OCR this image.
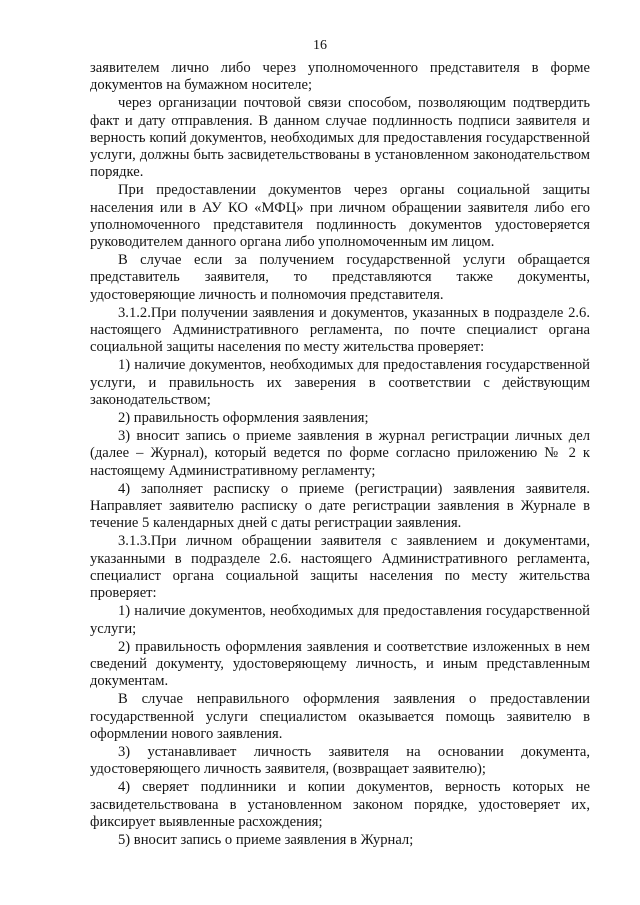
16

заявителем лично либо через уполномоченного представителя в форме документов на бумажном носителе;

через организации почтовой связи способом, позволяющим подтвердить факт и дату отправления. В данном случае подлинность подписи заявителя и верность копий документов, необходимых для предоставления государственной услуги, должны быть засвидетельствованы в установленном законодательством порядке.

При предоставлении документов через органы социальной защиты населения или в АУ КО «МФЦ» при личном обращении заявителя либо его уполномоченного представителя подлинность документов удостоверяется руководителем данного органа либо уполномоченным им лицом.

В случае если за получением государственной услуги обращается представитель заявителя, то представляются также документы, удостоверяющие личность и полномочия представителя.

3.1.2.При получении заявления и документов, указанных в подразделе 2.6. настоящего Административного регламента, по почте специалист органа социальной защиты населения по месту жительства проверяет:

1) наличие документов, необходимых для предоставления государственной услуги, и правильность их заверения в соответствии с действующим законодательством;

2) правильность оформления заявления;

3) вносит запись о приеме заявления в журнал регистрации личных дел (далее – Журнал), который ведется по форме согласно приложению № 2 к настоящему Административному регламенту;

4) заполняет расписку о приеме (регистрации) заявления заявителя. Направляет заявителю расписку о дате регистрации заявления в Журнале в течение 5 календарных дней с даты регистрации заявления.

3.1.3.При личном обращении заявителя с заявлением и документами, указанными в подразделе 2.6. настоящего Административного регламента, специалист органа социальной защиты населения по месту жительства проверяет:

1) наличие документов, необходимых для предоставления государственной услуги;

2) правильность оформления заявления и соответствие изложенных в нем сведений документу, удостоверяющему личность, и иным представленным документам.

В случае неправильного оформления заявления о предоставлении государственной услуги специалистом оказывается помощь заявителю в оформлении нового заявления.

3) устанавливает личность заявителя на основании документа, удостоверяющего личность заявителя, (возвращает заявителю);

4) сверяет подлинники и копии документов, верность которых не засвидетельствована в установленном законом порядке, удостоверяет их, фиксирует выявленные расхождения;

5) вносит запись о приеме заявления в Журнал;
